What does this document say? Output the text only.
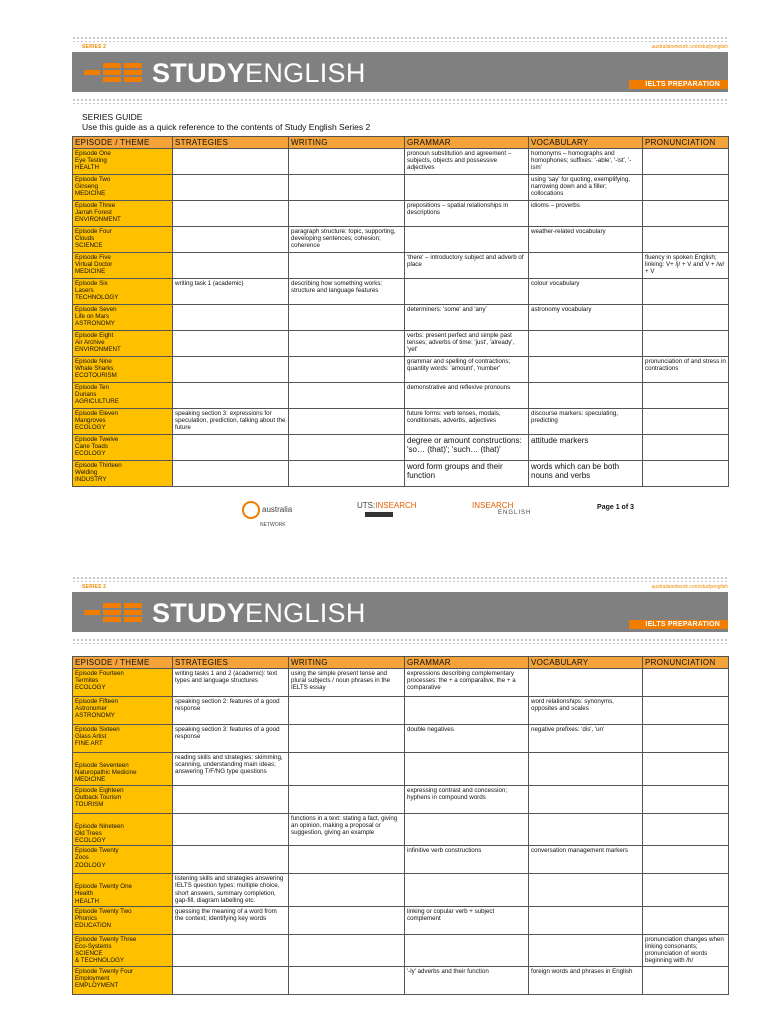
SERIES 2	australianetwork.com/studyenglish
STUDYENGLISH	IELTS PREPARATION
SERIES GUIDE
Use this guide as a quick reference to the contents of Study English Series 2
EPISODE / THEME	STRATEGIES	WRITING	GRAMMAR	VOCABULARY	PRONUNCIATION

Episode One
Eye Testing
HEALTH			pronoun substitution and agreement – subjects, objects and possessive adjectives	homonyms – homographs and homophones; suffixes: '-able', '-ist', '-ism'	

Episode Two
Ginseng
MEDICINE				using 'say' for quoting, exemplifying, narrowing down and a filler; collocations	

Episode Three
Jarrah Forest
ENVIRONMENT			prepositions – spatial relationships in descriptions	idioms – proverbs	

Episode Four
Clouds
SCIENCE		paragraph structure: topic, supporting, developing sentences; cohesion; coherence		weather-related vocabulary	

Episode Five
Virtual Doctor
MEDICINE			'there' – introductory subject and adverb of place		fluency in spoken English; linking: V+ /j/ + V and V + /w/ + V

Episode Six
Lasers
TECHNOLOGY	writing task 1 (academic)	describing how something works: structure and language features		colour vocabulary	

Episode Seven
Life on Mars
ASTRONOMY			determiners: 'some' and 'any'	astronomy vocabulary	

Episode Eight
Air Archive
ENVIRONMENT			verbs: present perfect and simple past tenses; adverbs of time: 'just', 'already', 'yet'		

Episode Nine
Whale Sharks
ECOTOURISM			grammar and spelling of contractions; quantity words: 'amount', 'number'		pronunciation of and stress in contractions

Episode Ten
Durians
AGRICULTURE			demonstrative and reflexive pronouns		

Episode Eleven
Mangroves
ECOLOGY	speaking section 3: expressions for speculation, prediction, talking about the future		future forms: verb tenses, modals, conditionals, adverbs, adjectives	discourse markers: speculating, predicting	

Episode Twelve
Cane Toads
ECOLOGY			degree or amount constructions: 'so… (that)'; 'such… (that)'	attitude markers	

Episode Thirteen
Welding
INDUSTRY			word form groups and their function	words which can be both nouns and verbs	
australia
NETWORK
UTS:INSEARCH	INSEARCH
ENGLISH
Page 1 of 3
SERIES 2	australianetwork.com/studyenglish
STUDYENGLISH	IELTS PREPARATION
EPISODE / THEME	STRATEGIES	WRITING	GRAMMAR	VOCABULARY	PRONUNCIATION

Episode Fourteen
Termites
ECOLOGY	writing tasks 1 and 2 (academic): text types and language structures	using the simple present tense and plural subjects / noun phrases in the IELTS essay	expressions describing complementary processes: the + a comparative, the + a comparative		

Episode Fifteen
Astronomer
ASTRONOMY	speaking section 2: features of a good response			word relationships: synonyms, opposites and scales	

Episode Sixteen
Glass Artist
FINE ART	speaking section 3: features of a good response		double negatives	negative prefixes: 'dis', 'un'	

Episode Seventeen
Naturopathic Medicine
MEDICINE	reading skills and strategies: skimming, scanning, understanding main ideas; answering T/F/NG type questions				

Episode Eighteen
Outback Tourism
TOURISM			expressing contrast and concession; hyphens in compound words		

Episode Nineteen
Old Trees
ECOLOGY		functions in a text: stating a fact, giving an opinion, making a proposal or suggestion, giving an example			

Episode Twenty
Zoos
ZOOLOGY			infinitive verb constructions	conversation management markers	

Episode Twenty One
Health
HEALTH	listening skills and strategies answering IELTS question types: multiple choice, short answers, summary completion, gap-fill, diagram labelling etc.				

Episode Twenty Two
Phonics
EDUCATION	guessing the meaning of a word from the context; identifying key words		linking or copular verb + subject complement		

Episode Twenty Three
Eco-Systems
SCIENCE
& TECHNOLOGY					pronunciation changes when linking consonants; pronunciation of words beginning with /h/

Episode Twenty Four
Employment
EMPLOYMENT			'-ly' adverbs and their function	foreign words and phrases in English	
